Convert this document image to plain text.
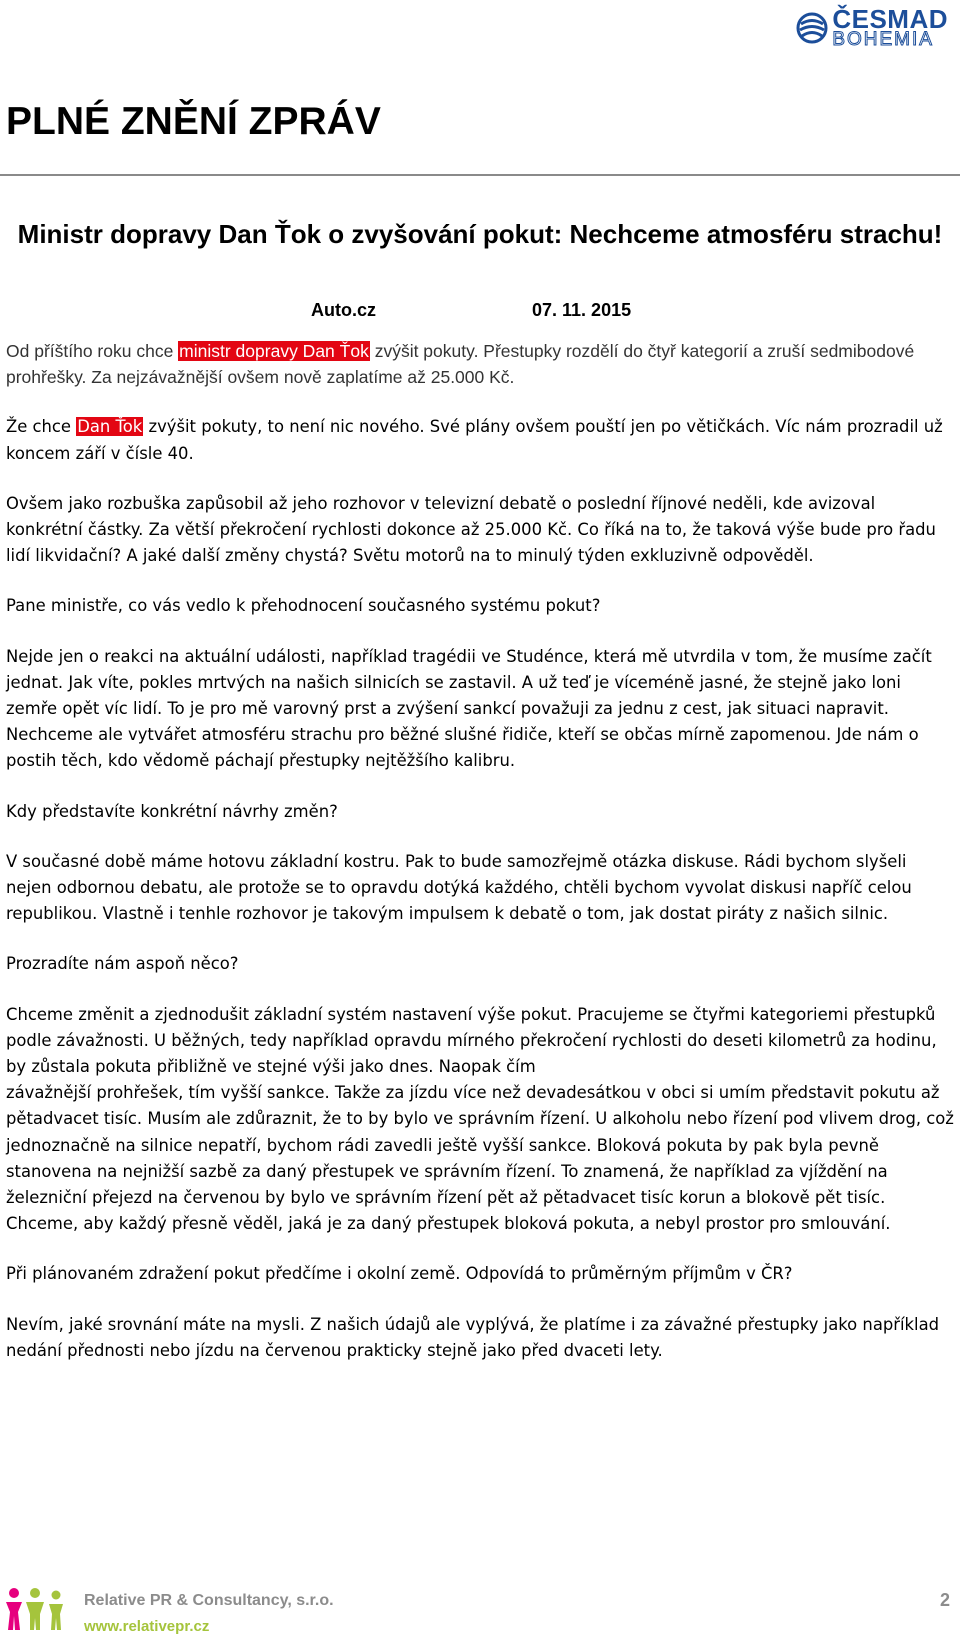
ČESMAD
BOHEMIA
PLNÉ ZNĚNÍ ZPRÁV
Ministr dopravy Dan Ťok o zvyšování pokut: Nechceme atmosféru strachu!
Auto.cz	07. 11. 2015

Od příštího roku chce ministr dopravy Dan Ťok zvýšit pokuty. Přestupky rozdělí do čtyř kategorií a zruší sedmibodové prohřešky. Za nejzávažnější ovšem nově zaplatíme až 25.000 Kč.

Že chce Dan Ťok zvýšit pokuty, to není nic nového. Své plány ovšem pouští jen po větičkách. Víc nám prozradil už koncem září v čísle 40.

Ovšem jako rozbuška zapůsobil až jeho rozhovor v televizní debatě o poslední říjnové neděli, kde avizoval konkrétní částky. Za větší překročení rychlosti dokonce až 25.000 Kč. Co říká na to, že taková výše bude pro řadu lidí likvidační? A jaké další změny chystá? Světu motorů na to minulý týden exkluzivně odpověděl.

Pane ministře, co vás vedlo k přehodnocení současného systému pokut?

Nejde jen o reakci na aktuální události, například tragédii ve Studénce, která mě utvrdila v tom, že musíme začít jednat. Jak víte, pokles mrtvých na našich silnicích se zastavil. A už teď je víceméně jasné, že stejně jako loni zemře opět víc lidí. To je pro mě varovný prst a zvýšení sankcí považuji za jednu z cest, jak situaci napravit. Nechceme ale vytvářet atmosféru strachu pro běžné slušné řidiče, kteří se občas mírně zapomenou. Jde nám o postih těch, kdo vědomě páchají přestupky nejtěžšího kalibru.

Kdy představíte konkrétní návrhy změn?

V současné době máme hotovu základní kostru. Pak to bude samozřejmě otázka diskuse. Rádi bychom slyšeli nejen odbornou debatu, ale protože se to opravdu dotýká každého, chtěli bychom vyvolat diskusi napříč celou republikou. Vlastně i tenhle rozhovor je takovým impulsem k debatě o tom, jak dostat piráty z našich silnic.

Prozradíte nám aspoň něco?

Chceme změnit a zjednodušit základní systém nastavení výše pokut. Pracujeme se čtyřmi kategoriemi přestupků podle závažnosti. U běžných, tedy například opravdu mírného překročení rychlosti do deseti kilometrů za hodinu, by zůstala pokuta přibližně ve stejné výši jako dnes. Naopak čím
závažnější prohřešek, tím vyšší sankce. Takže za jízdu více než devadesátkou v obci si umím představit pokutu až pětadvacet tisíc. Musím ale zdůraznit, že to by bylo ve správním řízení. U alkoholu nebo řízení pod vlivem drog, což jednoznačně na silnice nepatří, bychom rádi zavedli ještě vyšší sankce. Bloková pokuta by pak byla pevně stanovena na nejnižší sazbě za daný přestupek ve správním řízení. To znamená, že například za vjíždění na železniční přejezd na červenou by bylo ve správním řízení pět až pětadvacet tisíc korun a blokově pět tisíc. Chceme, aby každý přesně věděl, jaká je za daný přestupek bloková pokuta, a nebyl prostor pro smlouvání.

Při plánovaném zdražení pokut předčíme i okolní země. Odpovídá to průměrným příjmům v ČR?

Nevím, jaké srovnání máte na mysli. Z našich údajů ale vyplývá, že platíme i za závažné přestupky jako například nedání přednosti nebo jízdu na červenou prakticky stejně jako před dvaceti lety.

Relative PR & Consultancy, s.r.o.
www.relativepr.cz
2
